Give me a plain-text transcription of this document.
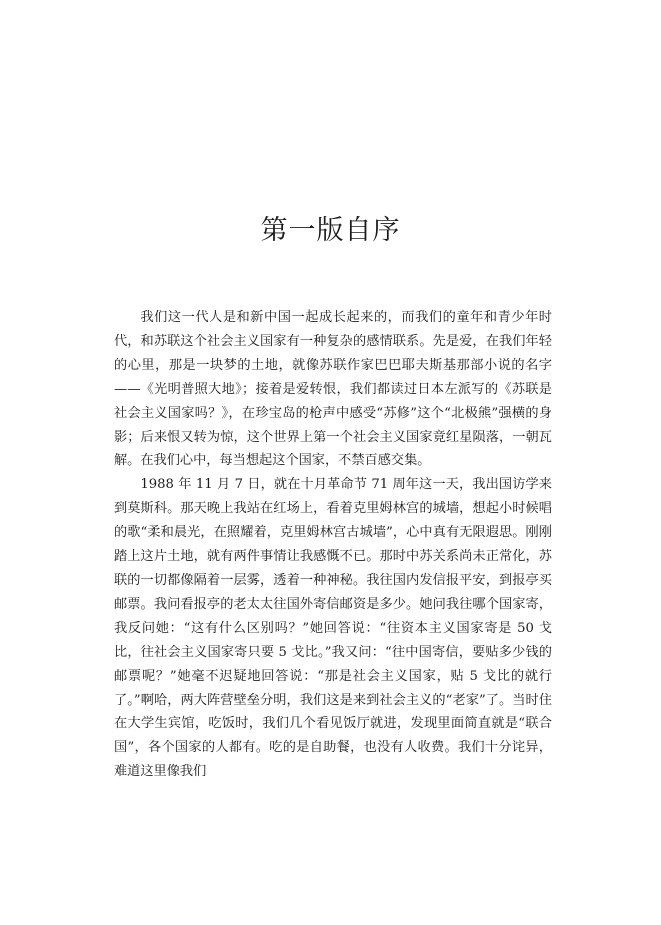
第一版自序

我们这一代人是和新中国一起成长起来的，而我们的童年和青少年时代，和苏联这个社会主义国家有一种复杂的感情联系。先是爱，在我们年轻的心里，那是一块梦的土地，就像苏联作家巴巴耶夫斯基那部小说的名字——《光明普照大地》；接着是爱转恨，我们都读过日本左派写的《苏联是社会主义国家吗？》，在珍宝岛的枪声中感受“苏修”这个“北极熊”强横的身影；后来恨又转为惊，这个世界上第一个社会主义国家竟红星陨落，一朝瓦解。在我们心中，每当想起这个国家，不禁百感交集。

1988 年 11 月 7 日，就在十月革命节 71 周年这一天，我出国访学来到莫斯科。那天晚上我站在红场上，看着克里姆林宫的城墙，想起小时候唱的歌“柔和晨光，在照耀着，克里姆林宫古城墙”，心中真有无限遐思。刚刚踏上这片土地，就有两件事情让我感慨不已。那时中苏关系尚未正常化，苏联的一切都像隔着一层雾，透着一种神秘。我往国内发信报平安，到报亭买邮票。我问看报亭的老太太往国外寄信邮资是多少。她问我往哪个国家寄，我反问她：“这有什么区别吗？”她回答说：“往资本主义国家寄是 50 戈比，往社会主义国家寄只要 5 戈比。”我又问：“往中国寄信，要贴多少钱的邮票呢？”她毫不迟疑地回答说：“那是社会主义国家，贴 5 戈比的就行了。”啊哈，两大阵营壁垒分明，我们这是来到社会主义的“老家”了。当时住在大学生宾馆，吃饭时，我们几个看见饭厅就进，发现里面简直就是“联合国”，各个国家的人都有。吃的是自助餐，也没有人收费。我们十分诧异，难道这里像我们
